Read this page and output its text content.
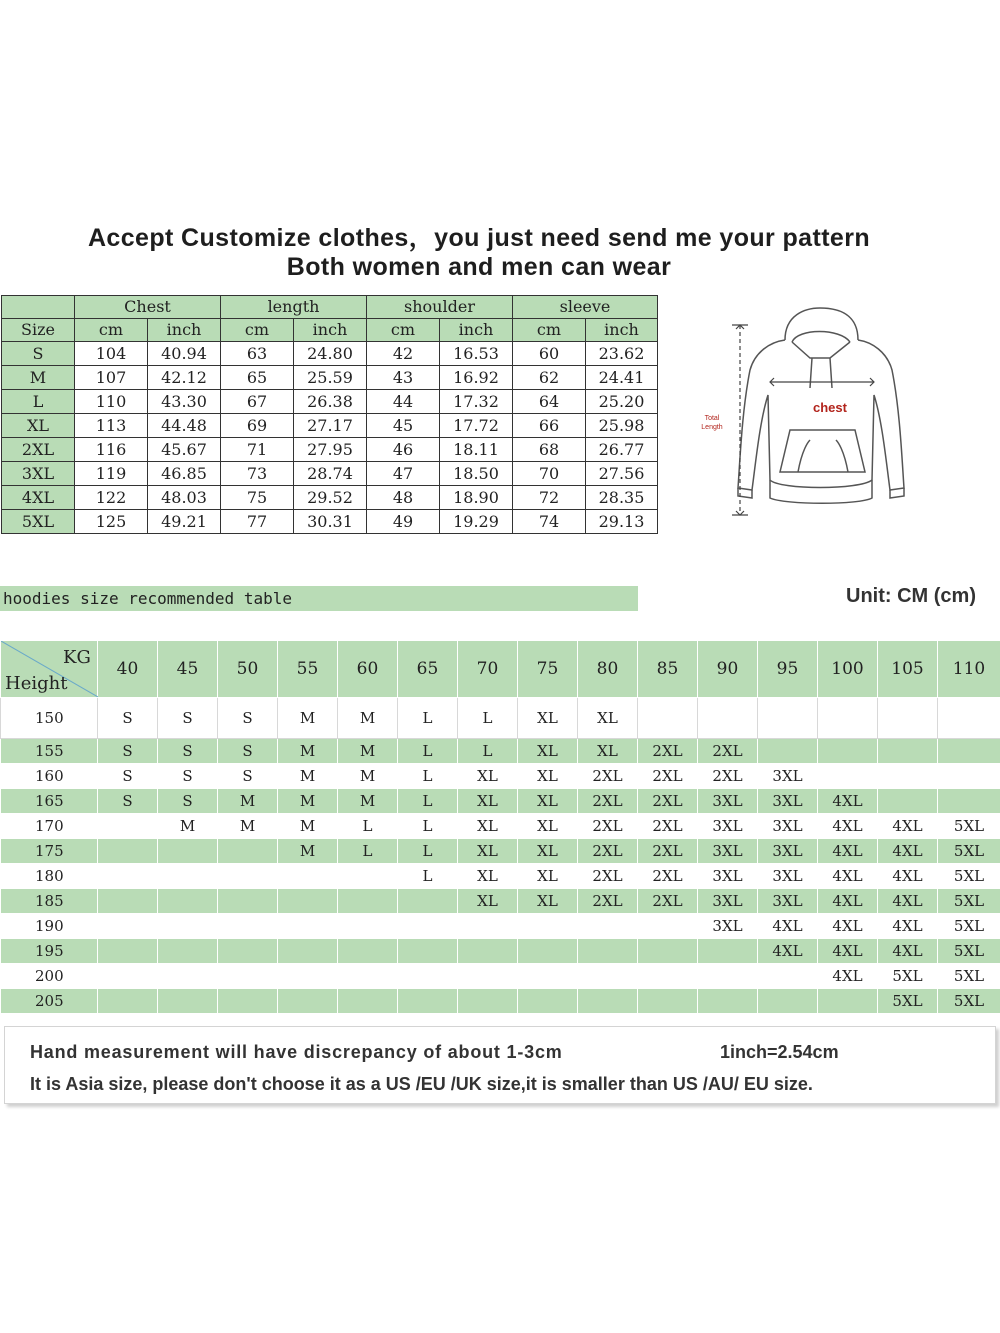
Accept Customize clothes，you just need send me your pattern
Both women and men can wear
	Chest		length		shoulder		sleeve	
Size	cm	inch	cm	inch	cm	inch	cm	inch
S	104	40.94	63	24.80	42	16.53	60	23.62
M	107	42.12	65	25.59	43	16.92	62	24.41
L	110	43.30	67	26.38	44	17.32	64	25.20
XL	113	44.48	69	27.17	45	17.72	66	25.98
2XL	116	45.67	71	27.95	46	18.11	68	26.77
3XL	119	46.85	73	28.74	47	18.50	70	27.56
4XL	122	48.03	75	29.52	48	18.90	72	28.35
5XL	125	49.21	77	30.31	49	19.29	74	29.13
chest
Total
Length
hoodies size recommended table	Unit: CM (cm)
KG
Height	40	45	50	55	60	65	70	75	80	85	90	95	100	105	110
150	S	S	S	M	M	L	L	XL	XL						
155	S	S	S	M	M	L	L	XL	XL	2XL	2XL				
160	S	S	S	M	M	L	XL	XL	2XL	2XL	2XL	3XL			
165	S	S	M	M	M	L	XL	XL	2XL	2XL	3XL	3XL	4XL		
170		M	M	M	L	L	XL	XL	2XL	2XL	3XL	3XL	4XL	4XL	5XL
175				M	L	L	XL	XL	2XL	2XL	3XL	3XL	4XL	4XL	5XL
180						L	XL	XL	2XL	2XL	3XL	3XL	4XL	4XL	5XL
185							XL	XL	2XL	2XL	3XL	3XL	4XL	4XL	5XL
190											3XL	4XL	4XL	4XL	5XL
195												4XL	4XL	4XL	5XL
200													4XL	5XL	5XL
205														5XL	5XL
Hand measurement will have discrepancy of about 1-3cm	1inch=2.54cm
It is Asia size, please don't choose it as a US /EU /UK size,it is smaller than US /AU/ EU size.
